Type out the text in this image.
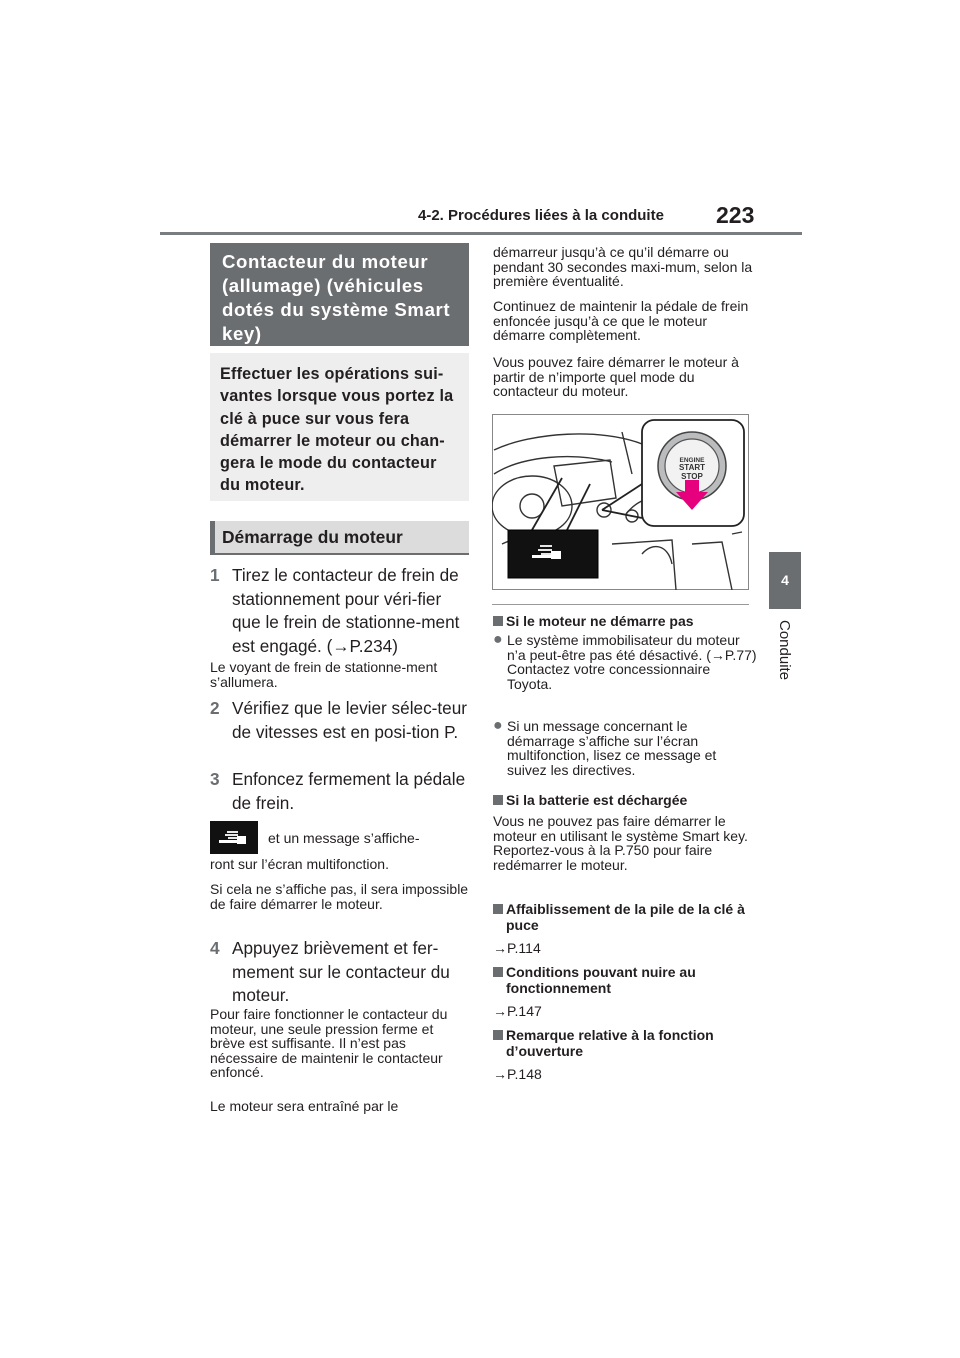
4-2. Procédures liées à la conduite 223
4
Conduite
Contacteur du moteur (allumage) (véhicules dotés du système Smart key)
Effectuer les opérations sui-vantes lorsque vous portez la clé à puce sur vous fera démarrer le moteur ou chan-gera le mode du contacteur du moteur.
Démarrage du moteur
1 Tirez le contacteur de frein de stationnement pour véri-fier que le frein de stationne-ment est engagé. (→P.234)
Le voyant de frein de stationne-ment s’allumera.
2 Vérifiez que le levier sélec-teur de vitesses est en posi-tion P.
3 Enfoncez fermement la pédale de frein.
et un message s’affiche-
ront sur l’écran multifonction.
Si cela ne s’affiche pas, il sera impossible de faire démarrer le moteur.
4 Appuyez brièvement et fer-mement sur le contacteur du moteur.
Pour faire fonctionner le contacteur du moteur, une seule pression ferme et brève est suffisante. Il n’est pas nécessaire de maintenir le contacteur enfoncé.
Le moteur sera entraîné par le
démarreur jusqu’à ce qu’il démarre ou pendant 30 secondes maxi-mum, selon la première éventualité.
Continuez de maintenir la pédale de frein enfoncée jusqu’à ce que le moteur démarre complètement.
Vous pouvez faire démarrer le moteur à partir de n’importe quel mode du contacteur du moteur.
ENGINE
START
STOP
Si le moteur ne démarre pas
● Le système immobilisateur du moteur n’a peut-être pas été désactivé. (→P.77) Contactez votre concessionnaire Toyota.
● Si un message concernant le démarrage s’affiche sur l’écran multifonction, lisez ce message et suivez les directives.
Si la batterie est déchargée
Vous ne pouvez pas faire démarrer le moteur en utilisant le système Smart key. Reportez-vous à la P.750 pour faire redémarrer le moteur.
Affaiblissement de la pile de la clé à puce
→P.114
Conditions pouvant nuire au fonctionnement
→P.147
Remarque relative à la fonction d’ouverture
→P.148
